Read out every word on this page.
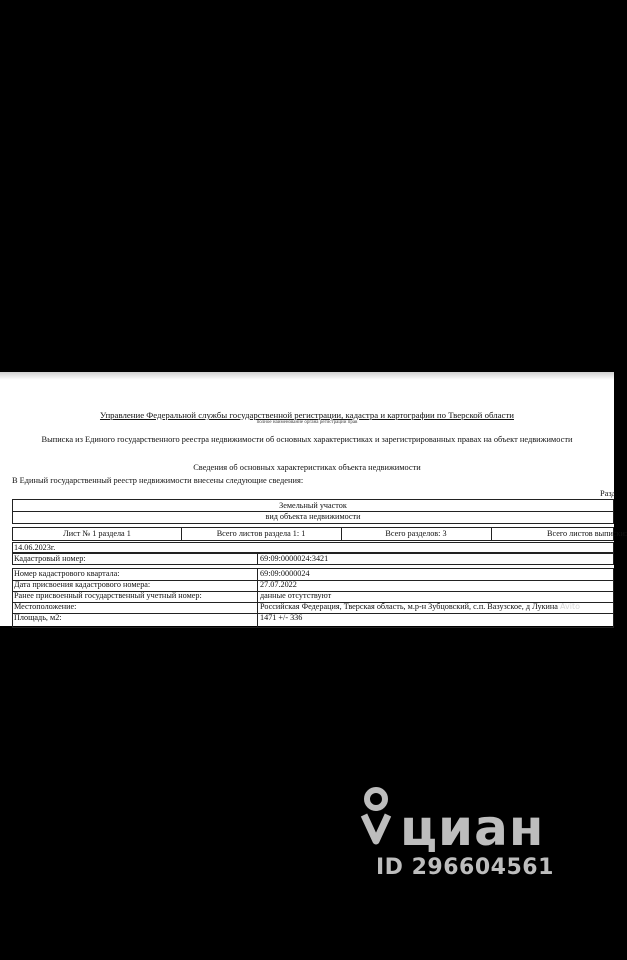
Управление Федеральной службы государственной регистрации, кадастра и картографии по Тверской области
полное наименование органа регистрации прав
Выписка из Единого государственного реестра недвижимости об основных характеристиках и зарегистрированных правах на объект недвижимости
Сведения об основных характеристиках объекта недвижимости
В Единый государственный реестр недвижимости внесены следующие сведения:
Разд
Земельный участок
вид объекта недвижимости
Лист № 1 раздела 1	Всего листов раздела 1: 1	Всего разделов: 3	Всего листов выписки:
14.06.2023г.
Кадастровый номер:	69:09:0000024:3421
Номер кадастрового квартала:	69:09:0000024
Дата присвоения кадастрового номера:	27.07.2022
Ранее присвоенный государственный учетный номер:	данные отсутствуют
Местоположение:	Российская Федерация, Тверская область, м.р-н Зубцовский, с.п. Вазузское, д Лукина
Площадь, м2:	1471 +/- 336
Avito
циан
ID 296604561
